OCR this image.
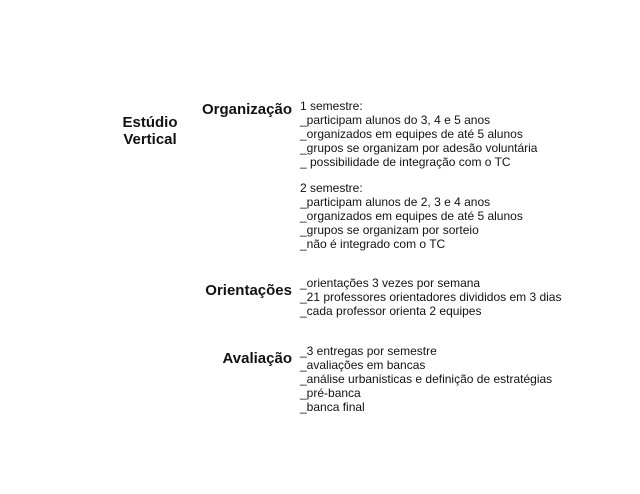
Estúdio
Vertical
Organização 1 semestre:
_participam alunos do 3, 4 e 5 anos
_organizados em equipes de até 5 alunos
_grupos se organizam por adesão voluntária
_ possibilidade de integração com o TC
2 semestre:
_participam alunos de 2, 3 e 4 anos
_organizados em equipes de até 5 alunos
_grupos se organizam por sorteio
_não é integrado com o TC
Orientações _orientações 3 vezes por semana
_21 professores orientadores divididos em 3 dias
_cada professor orienta 2 equipes
Avaliação _3 entregas por semestre
_avaliações em bancas
_análise urbanisticas e definição de estratégias
_pré-banca
_banca final
